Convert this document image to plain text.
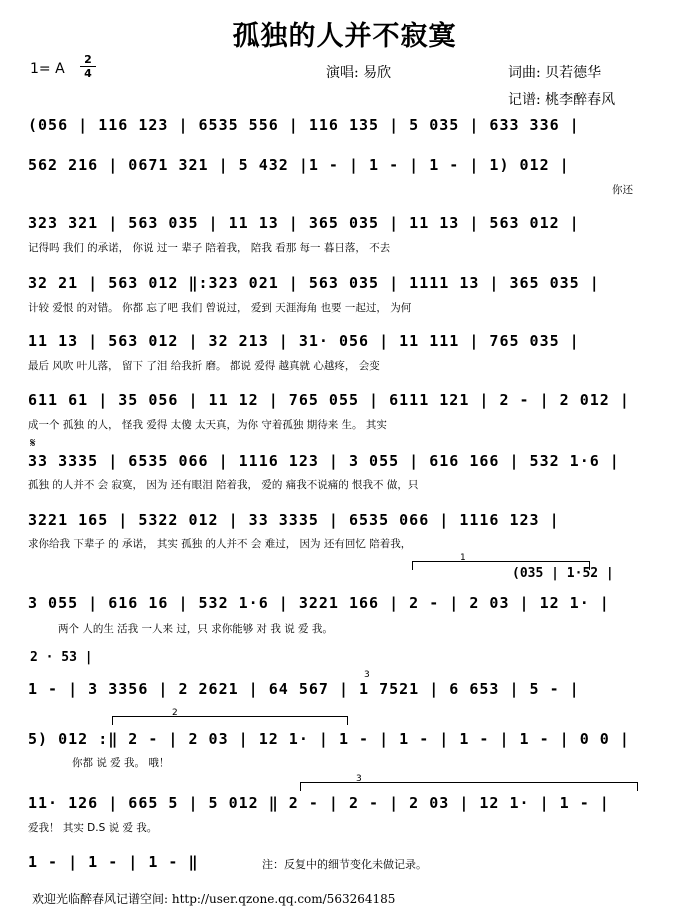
孤独的人并不寂寞
1= A
2
4	演唱: 易欣	词曲: 贝若德华
记谱: 桃李醉春风
(056 | 116 123 | 6535 556 | 116 135 | 5 035 | 633 336 |
562 216 | 0671 321 | 5 432 |1 - | 1 - | 1 - | 1) 012 |
你还
323 321 | 563 035 | 11 13 | 365 035 | 11 13 | 563 012 |
记得吗 我们 的承诺， 你说 过一 辈子 陪着我， 陪我 看那 每一 暮日落， 不去
32 21 | 563 012 ‖:323 021 | 563 035 | 1111 13 | 365 035 |
计较 爱恨 的对错。 你都 忘了吧 我们 曾说过， 爱到 天涯海角 也要 一起过， 为何
11 13 | 563 012 | 32 213 | 31· 056 | 11 111 | 765 035 |
最后 风吹 叶儿落， 留下 了泪 给我折 磨。 都说 爱得 越真就 心越疼， 会变
611 61 | 35 056 | 11 12 | 765 055 | 6111 121 | 2 - | 2 012 |
成一个 孤独 的人， 怪我 爱得 太傻 太天真，为你 守着孤独 期待来 生。 其实
𝄋
33 3335 | 6535 066 | 1116 123 | 3 055 | 616 166 | 532 1·6 |
孤独 的人并不 会 寂寞， 因为 还有眼泪 陪着我， 爱的 痛我不说痛的 恨我不 做，只
3221 165 | 5322 012 | 33 3335 | 6535 066 | 1116 123 |
求你给我 下辈子 的 承诺， 其实 孤独 的人并不 会 难过， 因为 还有回忆 陪着我，
1
(035 | 1·52 |
3 055 | 616 16 | 532 1·6 | 3221 166 | 2 - | 2 03 | 12 1· |
两个 人的生 活我 一人来 过，只 求你能够 对 我 说 爱 我。
2 · 53 |
3
1 - | 3 3356 | 2 2621 | 64 567 | 1 7521 | 6 653 | 5 - |
2
5) 012 :‖ 2 - | 2 03 | 12 1· | 1 - | 1 - | 1 - | 1 - | 0 0 |
你都 说 爱 我。 哦！
3
11· 126 | 665 5 | 5 012 ‖ 2 - | 2 - | 2 03 | 12 1· | 1 - |
爱我！ 其实 D.S 说 爱 我。
1 - | 1 - | 1 - ‖	注：反复中的细节变化未做记录。
欢迎光临醉春风记谱空间: http://user.qzone.qq.com/563264185
